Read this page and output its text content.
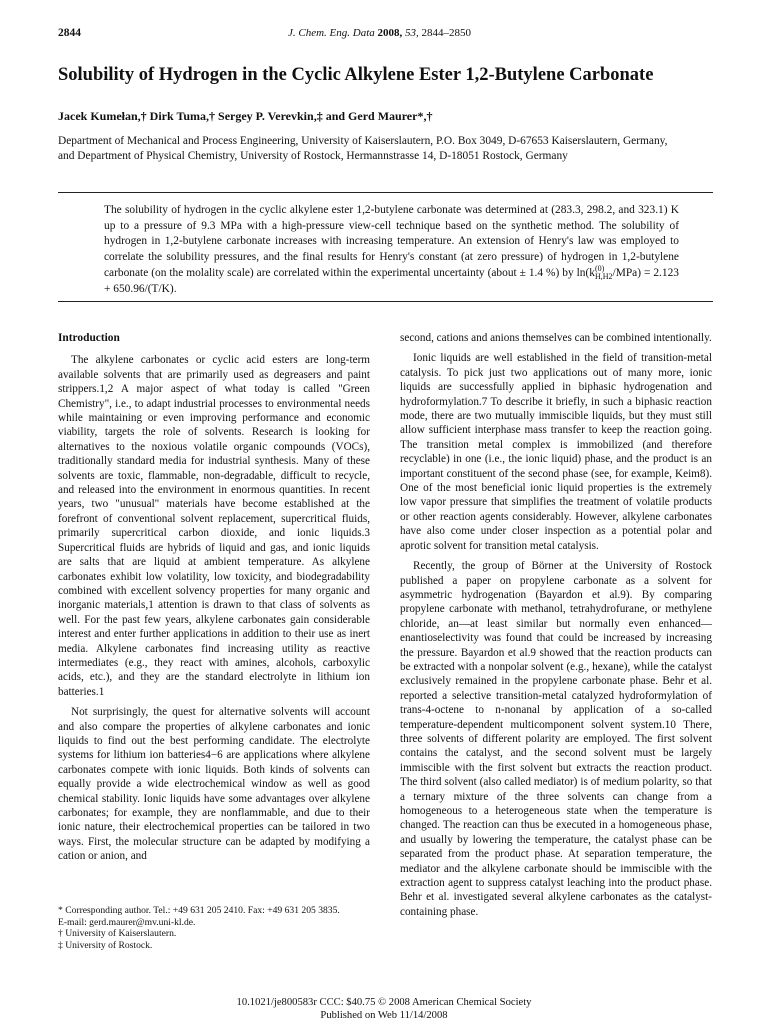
2844	J. Chem. Eng. Data 2008, 53, 2844–2850
Solubility of Hydrogen in the Cyclic Alkylene Ester 1,2-Butylene Carbonate
Jacek Kumełan,† Dirk Tuma,† Sergey P. Verevkin,‡ and Gerd Maurer*,†
Department of Mechanical and Process Engineering, University of Kaiserslautern, P.O. Box 3049, D-67653 Kaiserslautern, Germany,
and Department of Physical Chemistry, University of Rostock, Hermannstrasse 14, D-18051 Rostock, Germany
The solubility of hydrogen in the cyclic alkylene ester 1,2-butylene carbonate was determined at (283.3, 298.2, and 323.1) K up to a pressure of 9.3 MPa with a high-pressure view-cell technique based on the synthetic method. The solubility of hydrogen in 1,2-butylene carbonate increases with increasing temperature. An extension of Henry's law was employed to correlate the solubility pressures, and the final results for Henry's constant (at zero pressure) of hydrogen in 1,2-butylene carbonate (on the molality scale) are correlated within the experimental uncertainty (about ± 1.4 %) by ln(k (0)
H,H2 /MPa) = 2.123 + 650.96/(T/K).
Introduction

The alkylene carbonates or cyclic acid esters are long-term available solvents that are primarily used as degreasers and paint strippers.1,2 A major aspect of what today is called "Green Chemistry", i.e., to adapt industrial processes to environmental needs while maintaining or even improving performance and economic viability, targets the role of solvents. Research is looking for alternatives to the noxious volatile organic compounds (VOCs), traditionally standard media for industrial synthesis. Many of these solvents are toxic, flammable, non-degradable, difficult to recycle, and released into the environment in enormous quantities. In recent years, two "unusual" materials have become established at the forefront of conventional solvent replacement, supercritical fluids, primarily supercritical carbon dioxide, and ionic liquids.3 Supercritical fluids are hybrids of liquid and gas, and ionic liquids are salts that are liquid at ambient temperature. As alkylene carbonates exhibit low volatility, low toxicity, and biodegradability combined with excellent solvency properties for many organic and inorganic materials,1 attention is drawn to that class of solvents as well. For the past few years, alkylene carbonates gain considerable interest and enter further applications in addition to their use as inert media. Alkylene carbonates find increasing utility as reactive intermediates (e.g., they react with amines, alcohols, carboxylic acids, etc.), and they are the standard electrolyte in lithium ion batteries.1

Not surprisingly, the quest for alternative solvents will account and also compare the properties of alkylene carbonates and ionic liquids to find out the best performing candidate. The electrolyte systems for lithium ion batteries4−6 are applications where alkylene carbonates compete with ionic liquids. Both kinds of solvents can equally provide a wide electrochemical window as well as good chemical stability. Ionic liquids have some advantages over alkylene carbonates; for example, they are nonflammable, and due to their ionic nature, their electrochemical properties can be tailored in two ways. First, the molecular structure can be adapted by modifying a cation or anion, and

second, cations and anions themselves can be combined intentionally.

Ionic liquids are well established in the field of transition-metal catalysis. To pick just two applications out of many more, ionic liquids are successfully applied in biphasic hydrogenation and hydroformylation.7 To describe it briefly, in such a biphasic reaction mode, there are two mutually immiscible liquids, but they must still allow sufficient interphase mass transfer to keep the reaction going. The transition metal complex is immobilized (and therefore recyclable) in one (i.e., the ionic liquid) phase, and the product is an important constituent of the second phase (see, for example, Keim8). One of the most beneficial ionic liquid properties is the extremely low vapor pressure that simplifies the treatment of volatile products or other reaction agents considerably. However, alkylene carbonates have also come under closer inspection as a potential polar and aprotic solvent for transition metal catalysis.

Recently, the group of Börner at the University of Rostock published a paper on propylene carbonate as a solvent for asymmetric hydrogenation (Bayardon et al.9). By comparing propylene carbonate with methanol, tetrahydrofurane, or methylene chloride, an—at least similar but normally even enhanced—enantioselectivity was found that could be increased by increasing the pressure. Bayardon et al.9 showed that the reaction products can be extracted with a nonpolar solvent (e.g., hexane), while the catalyst exclusively remained in the propylene carbonate phase. Behr et al. reported a selective transition-metal catalyzed hydroformylation of trans-4-octene to n-nonanal by application of a so-called temperature-dependent multicomponent solvent system.10 There, three solvents of different polarity are employed. The first solvent contains the catalyst, and the second solvent must be largely immiscible with the first solvent but extracts the reaction product. The third solvent (also called mediator) is of medium polarity, so that a ternary mixture of the three solvents can change from a homogeneous to a heterogeneous state when the temperature is changed. The reaction can thus be executed in a homogeneous phase, and usually by lowering the temperature, the catalyst phase can be separated from the product phase. At separation temperature, the mediator and the alkylene carbonate should be immiscible with the extraction agent to suppress catalyst leaching into the product phase. Behr et al. investigated several alkylene carbonates as the catalyst-containing phase.

* Corresponding author. Tel.: +49 631 205 2410. Fax: +49 631 205 3835.
E-mail: gerd.maurer@mv.uni-kl.de.
† University of Kaiserslautern.
‡ University of Rostock.
10.1021/je800583r CCC: $40.75 © 2008 American Chemical Society
Published on Web 11/14/2008
